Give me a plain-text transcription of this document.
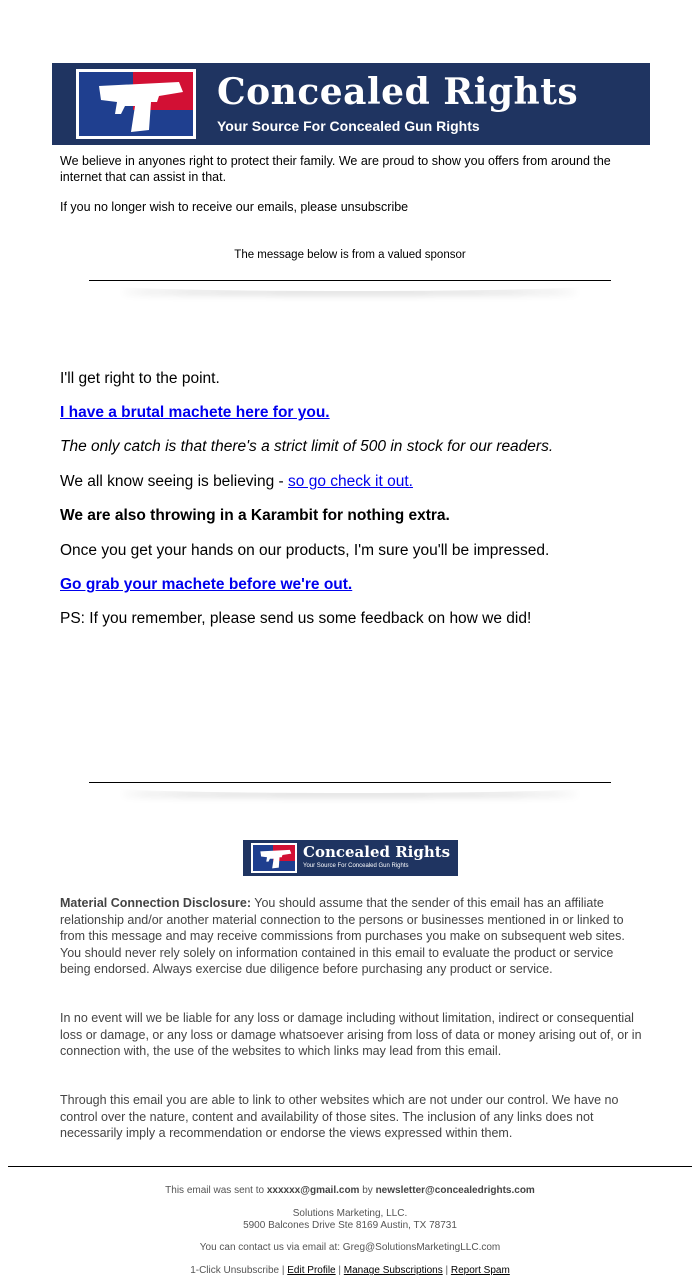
Concealed Rights
Your Source For Concealed Gun Rights
We believe in anyones right to protect their family. We are proud to show you offers from around the internet that can assist in that.
If you no longer wish to receive our emails, please unsubscribe
The message below is from a valued sponsor

I'll get right to the point.

I have a brutal machete here for you.

The only catch is that there's a strict limit of 500 in stock for our readers.

We all know seeing is believing - so go check it out.

We are also throwing in a Karambit for nothing extra.

Once you get your hands on our products, I'm sure you'll be impressed.

Go grab your machete before we're out.

PS: If you remember, please send us some feedback on how we did!

Concealed Rights
Your Source For Concealed Gun Rights
Material Connection Disclosure: You should assume that the sender of this email has an affiliate relationship and/or another material connection to the persons or businesses mentioned in or linked to from this message and may receive commissions from purchases you make on subsequent web sites. You should never rely solely on information contained in this email to evaluate the product or service being endorsed. Always exercise due diligence before purchasing any product or service.
In no event will we be liable for any loss or damage including without limitation, indirect or consequential loss or damage, or any loss or damage whatsoever arising from loss of data or money arising out of, or in connection with, the use of the websites to which links may lead from this email.
Through this email you are able to link to other websites which are not under our control. We have no control over the nature, content and availability of those sites. The inclusion of any links does not necessarily imply a recommendation or endorse the views expressed within them.
This email was sent to xxxxxx@gmail.com by newsletter@concealedrights.com
Solutions Marketing, LLC.
5900 Balcones Drive Ste 8169 Austin, TX 78731
You can contact us via email at: Greg@SolutionsMarketingLLC.com
1-Click Unsubscribe | Edit Profile | Manage Subscriptions | Report Spam
